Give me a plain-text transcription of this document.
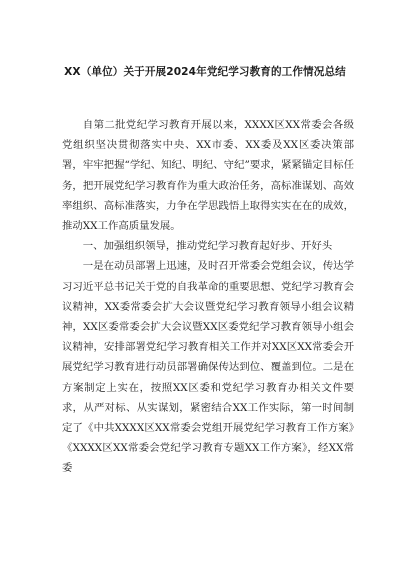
XX（单位）关于开展2024年党纪学习教育的工作情况总结

自第二批党纪学习教育开展以来，XXXX区XX常委会各级党组织坚决贯彻落实中央、XX市委、XX委及XX区委决策部署，牢牢把握“学纪、知纪、明纪、守纪”要求，紧紧锚定目标任务，把开展党纪学习教育作为重大政治任务，高标准谋划、高效率组织、高标准落实，力争在学思践悟上取得实实在在的成效，推动XX工作高质量发展。

一、加强组织领导，推动党纪学习教育起好步、开好头

一是在动员部署上迅速，及时召开常委会党组会议，传达学习习近平总书记关于党的自我革命的重要思想、党纪学习教育会议精神，XX委常委会扩大会议暨党纪学习教育领导小组会议精神，XX区委常委会扩大会议暨XX区委党纪学习教育领导小组会议精神，安排部署党纪学习教育相关工作并对XX区XX常委会开展党纪学习教育进行动员部署确保传达到位、覆盖到位。二是在方案制定上实在，按照XX区委和党纪学习教育办相关文件要求，从严对标、从实谋划，紧密结合XX工作实际，第一时间制定了《中共XXXX区XX常委会党组开展党纪学习教育工作方案》《XXXX区XX常委会党纪学习教育专题XX工作方案》，经XX常委
